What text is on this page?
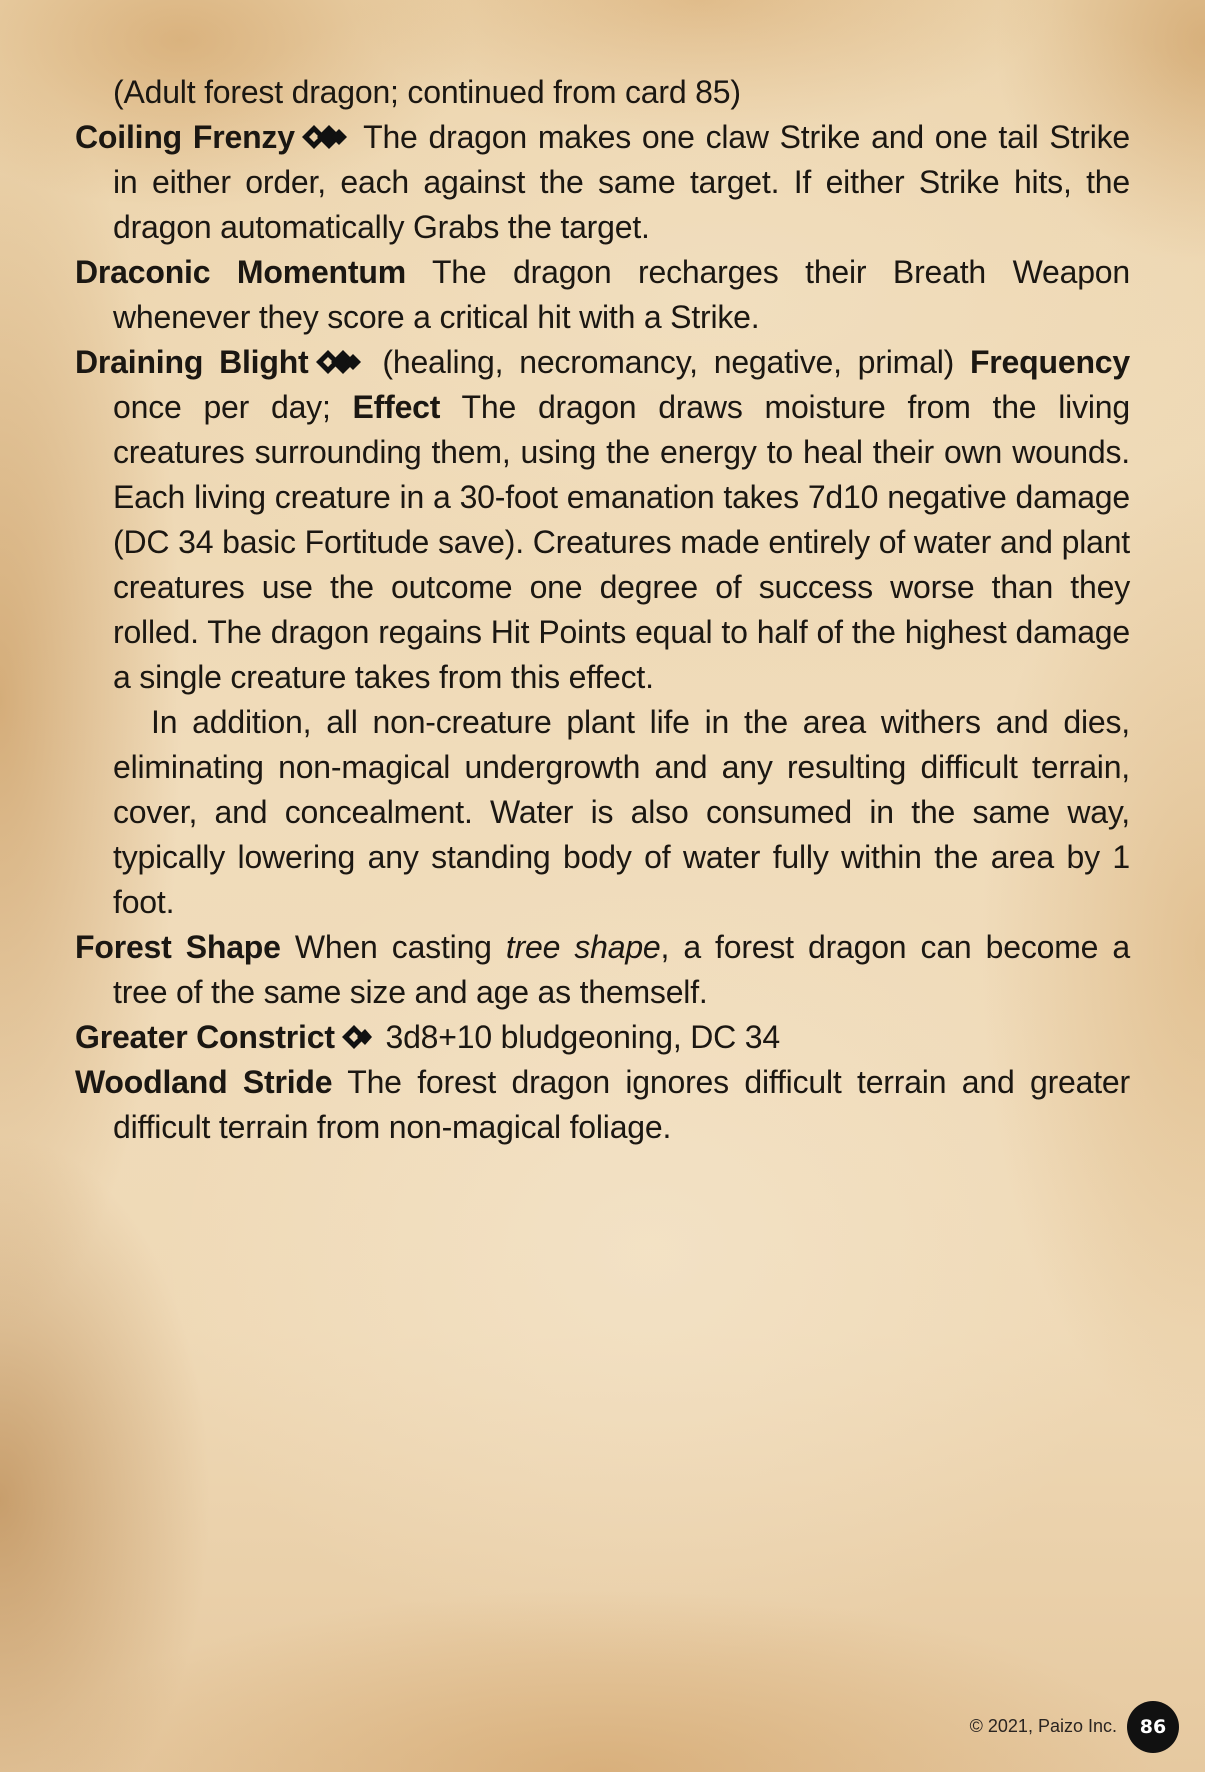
(Adult forest dragon; continued from card 85)

Coiling Frenzy
The dragon makes one claw Strike and one tail Strike in either order, each against the same target. If either Strike hits, the dragon automatically Grabs the target.

Draconic Momentum The dragon recharges their Breath Weapon whenever they score a critical hit with a Strike.

Draining Blight
(healing, necromancy, negative, primal) Frequency once per day; Effect The dragon draws moisture from the living creatures surrounding them, using the energy to heal their own wounds. Each living creature in a 30-foot emanation takes 7d10 negative damage (DC 34 basic Fortitude save). Creatures made entirely of water and plant creatures use the outcome one degree of success worse than they rolled. The dragon regains Hit Points equal to half of the highest damage a single creature takes from this effect.
In addition, all non-creature plant life in the area withers and dies, eliminating non-magical undergrowth and any resulting difficult terrain, cover, and concealment. Water is also consumed in the same way, typically lowering any standing body of water fully within the area by 1 foot.

Forest Shape When casting tree shape, a forest dragon can become a tree of the same size and age as themself.

Greater Constrict
3d8+10 bludgeoning, DC 34

Woodland Stride The forest dragon ignores difficult terrain and greater difficult terrain from non-magical foliage.

© 2021, Paizo Inc.	86
